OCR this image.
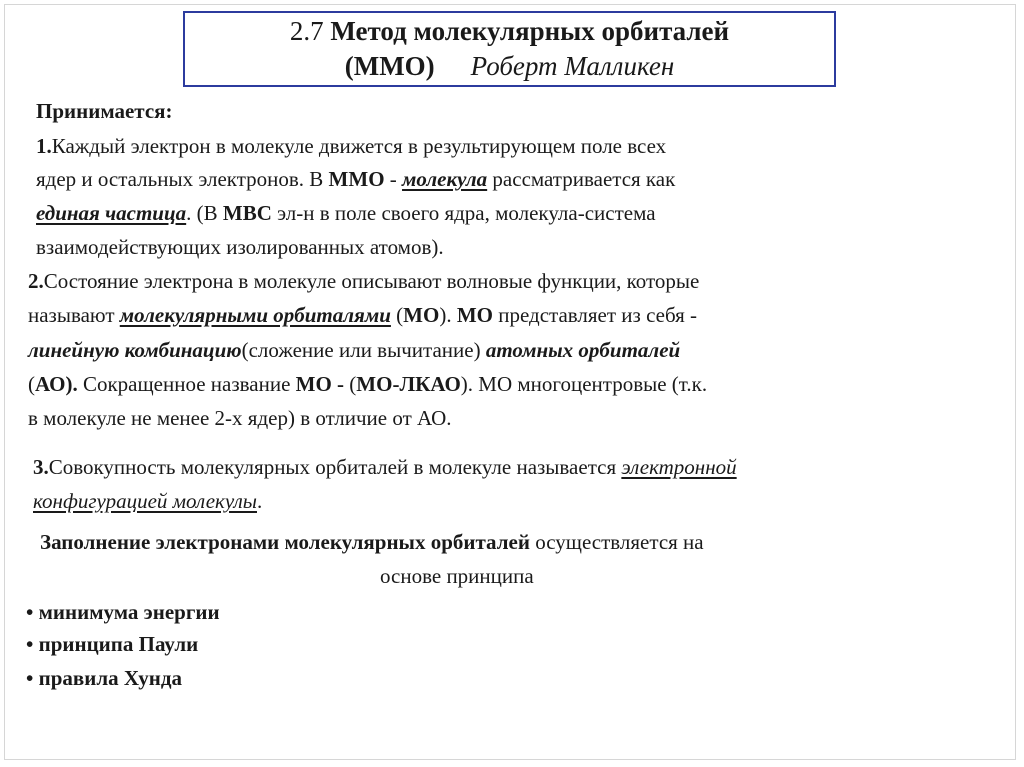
2.7 Метод молекулярных орбиталей
(ММО) Роберт Малликен
Принимается:
1.Каждый электрон в молекуле движется в результирующем поле всех
ядер и остальных электронов. В ММО - молекула рассматривается как
единая частица. (В МВС эл-н в поле своего ядра, молекула-система
взаимодействующих изолированных атомов).
2.Состояние электрона в молекуле описывают волновые функции, которые
называют молекулярными орбиталями (МО). МО представляет из себя -
линейную комбинацию(сложение или вычитание) атомных орбиталей
(АО). Сокращенное название МО - (МО-ЛКАО). МО многоцентровые (т.к.
в молекуле не менее 2-х ядер) в отличие от АО.
3.Совокупность молекулярных орбиталей в молекуле называется электронной
конфигурацией молекулы.
Заполнение электронами молекулярных орбиталей осуществляется на
основе принципа
• минимума энергии
• принципа Паули
• правила Хунда
